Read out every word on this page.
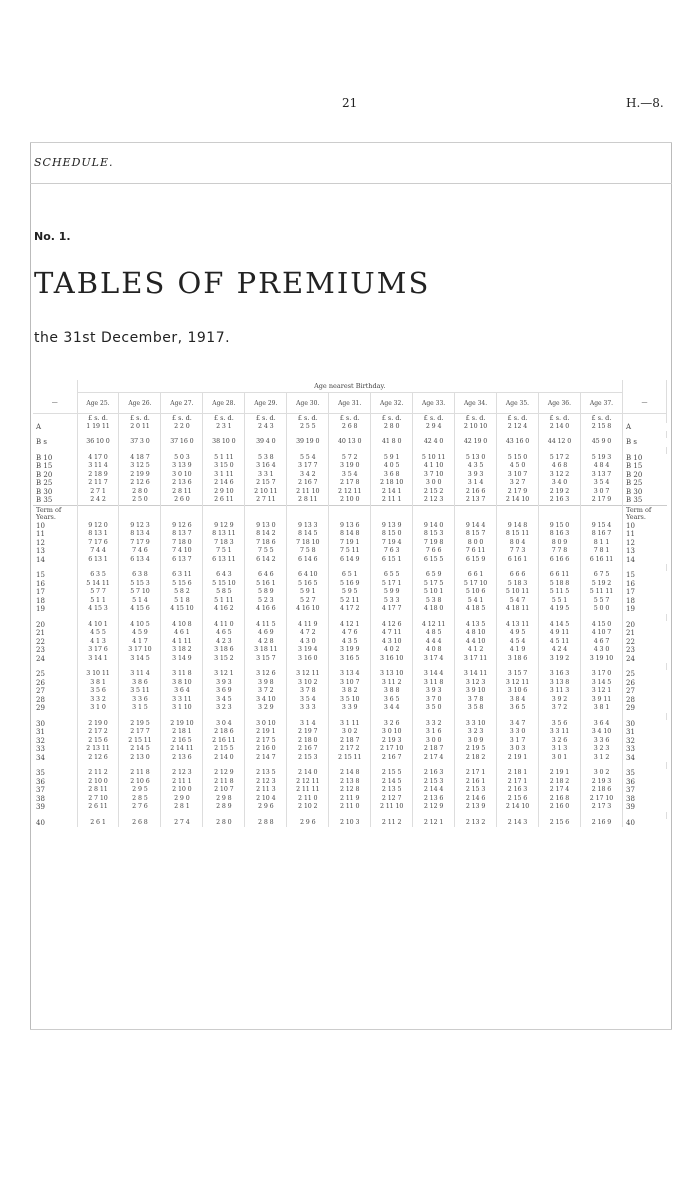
21	H.—8.
SCHEDULE.
No. 1.
TABLES OF PREMIUMS
the 31st December, 1917.
	Age nearest Birthday.													
—	Age 25.	Age 26.	Age 27.	Age 28.	Age 29.	Age 30.	Age 31.	Age 32.	Age 33.	Age 34.	Age 35.	Age 36.	Age 37.	—
	£ s. d.	£ s. d.	£ s. d.	£ s. d.	£ s. d.	£ s. d.	£ s. d.	£ s. d.	£ s. d.	£ s. d.	£ s. d.	£ s. d.	£ s. d.	
A	1 19 11	2 0 11	2 2 0	2 3 1	2 4 3	2 5 5	2 6 8	2 8 0	2 9 4	2 10 10	2 12 4	2 14 0	2 15 8	A

B s	36 10 0	37 3 0	37 16 0	38 10 0	39 4 0	39 19 0	40 13 0	41 8 0	42 4 0	42 19 0	43 16 0	44 12 0	45 9 0	B s

B 10	4 17 0	4 18 7	5 0 3	5 1 11	5 3 8	5 5 4	5 7 2	5 9 1	5 10 11	5 13 0	5 15 0	5 17 2	5 19 3	B 10
B 15	3 11 4	3 12 5	3 13 9	3 15 0	3 16 4	3 17 7	3 19 0	4 0 5	4 1 10	4 3 5	4 5 0	4 6 8	4 8 4	B 15
B 20	2 18 9	2 19 9	3 0 10	3 1 11	3 3 1	3 4 2	3 5 4	3 6 8	3 7 10	3 9 3	3 10 7	3 12 2	3 13 7	B 20
B 25	2 11 7	2 12 6	2 13 6	2 14 6	2 15 7	2 16 7	2 17 8	2 18 10	3 0 0	3 1 4	3 2 7	3 4 0	3 5 4	B 25
B 30	2 7 1	2 8 0	2 8 11	2 9 10	2 10 11	2 11 10	2 12 11	2 14 1	2 15 2	2 16 6	2 17 9	2 19 2	3 0 7	B 30
B 35	2 4 2	2 5 0	2 6 0	2 6 11	2 7 11	2 8 11	2 10 0	2 11 1	2 12 3	2 13 7	2 14 10	2 16 3	2 17 9	B 35
Term of Years.														Term of Years.
10	9 12 0	9 12 3	9 12 6	9 12 9	9 13 0	9 13 3	9 13 6	9 13 9	9 14 0	9 14 4	9 14 8	9 15 0	9 15 4	10
11	8 13 1	8 13 4	8 13 7	8 13 11	8 14 2	8 14 5	8 14 8	8 15 0	8 15 3	8 15 7	8 15 11	8 16 3	8 16 7	11
12	7 17 6	7 17 9	7 18 0	7 18 3	7 18 6	7 18 10	7 19 1	7 19 4	7 19 8	8 0 0	8 0 4	8 0 9	8 1 1	12
13	7 4 4	7 4 6	7 4 10	7 5 1	7 5 5	7 5 8	7 5 11	7 6 3	7 6 6	7 6 11	7 7 3	7 7 8	7 8 1	13
14	6 13 1	6 13 4	6 13 7	6 13 11	6 14 2	6 14 6	6 14 9	6 15 1	6 15 5	6 15 9	6 16 1	6 16 6	6 16 11	14

15	6 3 5	6 3 8	6 3 11	6 4 3	6 4 6	6 4 10	6 5 1	6 5 5	6 5 9	6 6 1	6 6 6	6 6 11	6 7 5	15
16	5 14 11	5 15 3	5 15 6	5 15 10	5 16 1	5 16 5	5 16 9	5 17 1	5 17 5	5 17 10	5 18 3	5 18 8	5 19 2	16
17	5 7 7	5 7 10	5 8 2	5 8 5	5 8 9	5 9 1	5 9 5	5 9 9	5 10 1	5 10 6	5 10 11	5 11 5	5 11 11	17
18	5 1 1	5 1 4	5 1 8	5 1 11	5 2 3	5 2 7	5 2 11	5 3 3	5 3 8	5 4 1	5 4 7	5 5 1	5 5 7	18
19	4 15 3	4 15 6	4 15 10	4 16 2	4 16 6	4 16 10	4 17 2	4 17 7	4 18 0	4 18 5	4 18 11	4 19 5	5 0 0	19

20	4 10 1	4 10 5	4 10 8	4 11 0	4 11 5	4 11 9	4 12 1	4 12 6	4 12 11	4 13 5	4 13 11	4 14 5	4 15 0	20
21	4 5 5	4 5 9	4 6 1	4 6 5	4 6 9	4 7 2	4 7 6	4 7 11	4 8 5	4 8 10	4 9 5	4 9 11	4 10 7	21
22	4 1 3	4 1 7	4 1 11	4 2 3	4 2 8	4 3 0	4 3 5	4 3 10	4 4 4	4 4 10	4 5 4	4 5 11	4 6 7	22
23	3 17 6	3 17 10	3 18 2	3 18 6	3 18 11	3 19 4	3 19 9	4 0 2	4 0 8	4 1 2	4 1 9	4 2 4	4 3 0	23
24	3 14 1	3 14 5	3 14 9	3 15 2	3 15 7	3 16 0	3 16 5	3 16 10	3 17 4	3 17 11	3 18 6	3 19 2	3 19 10	24

25	3 10 11	3 11 4	3 11 8	3 12 1	3 12 6	3 12 11	3 13 4	3 13 10	3 14 4	3 14 11	3 15 7	3 16 3	3 17 0	25
26	3 8 1	3 8 6	3 8 10	3 9 3	3 9 8	3 10 2	3 10 7	3 11 2	3 11 8	3 12 3	3 12 11	3 13 8	3 14 5	26
27	3 5 6	3 5 11	3 6 4	3 6 9	3 7 2	3 7 8	3 8 2	3 8 8	3 9 3	3 9 10	3 10 6	3 11 3	3 12 1	27
28	3 3 2	3 3 6	3 3 11	3 4 5	3 4 10	3 5 4	3 5 10	3 6 5	3 7 0	3 7 8	3 8 4	3 9 2	3 9 11	28
29	3 1 0	3 1 5	3 1 10	3 2 3	3 2 9	3 3 3	3 3 9	3 4 4	3 5 0	3 5 8	3 6 5	3 7 2	3 8 1	29

30	2 19 0	2 19 5	2 19 10	3 0 4	3 0 10	3 1 4	3 1 11	3 2 6	3 3 2	3 3 10	3 4 7	3 5 6	3 6 4	30
31	2 17 2	2 17 7	2 18 1	2 18 6	2 19 1	2 19 7	3 0 2	3 0 10	3 1 6	3 2 3	3 3 0	3 3 11	3 4 10	31
32	2 15 6	2 15 11	2 16 5	2 16 11	2 17 5	2 18 0	2 18 7	2 19 3	3 0 0	3 0 9	3 1 7	3 2 6	3 3 6	32
33	2 13 11	2 14 5	2 14 11	2 15 5	2 16 0	2 16 7	2 17 2	2 17 10	2 18 7	2 19 5	3 0 3	3 1 3	3 2 3	33
34	2 12 6	2 13 0	2 13 6	2 14 0	2 14 7	2 15 3	2 15 11	2 16 7	2 17 4	2 18 2	2 19 1	3 0 1	3 1 2	34

35	2 11 2	2 11 8	2 12 3	2 12 9	2 13 5	2 14 0	2 14 8	2 15 5	2 16 3	2 17 1	2 18 1	2 19 1	3 0 2	35
36	2 10 0	2 10 6	2 11 1	2 11 8	2 12 3	2 12 11	2 13 8	2 14 5	2 15 3	2 16 1	2 17 1	2 18 2	2 19 3	36
37	2 8 11	2 9 5	2 10 0	2 10 7	2 11 3	2 11 11	2 12 8	2 13 5	2 14 4	2 15 3	2 16 3	2 17 4	2 18 6	37
38	2 7 10	2 8 5	2 9 0	2 9 8	2 10 4	2 11 0	2 11 9	2 12 7	2 13 6	2 14 6	2 15 6	2 16 8	2 17 10	38
39	2 6 11	2 7 6	2 8 1	2 8 9	2 9 6	2 10 2	2 11 0	2 11 10	2 12 9	2 13 9	2 14 10	2 16 0	2 17 3	39

40	2 6 1	2 6 8	2 7 4	2 8 0	2 8 8	2 9 6	2 10 3	2 11 2	2 12 1	2 13 2	2 14 3	2 15 6	2 16 9	40
